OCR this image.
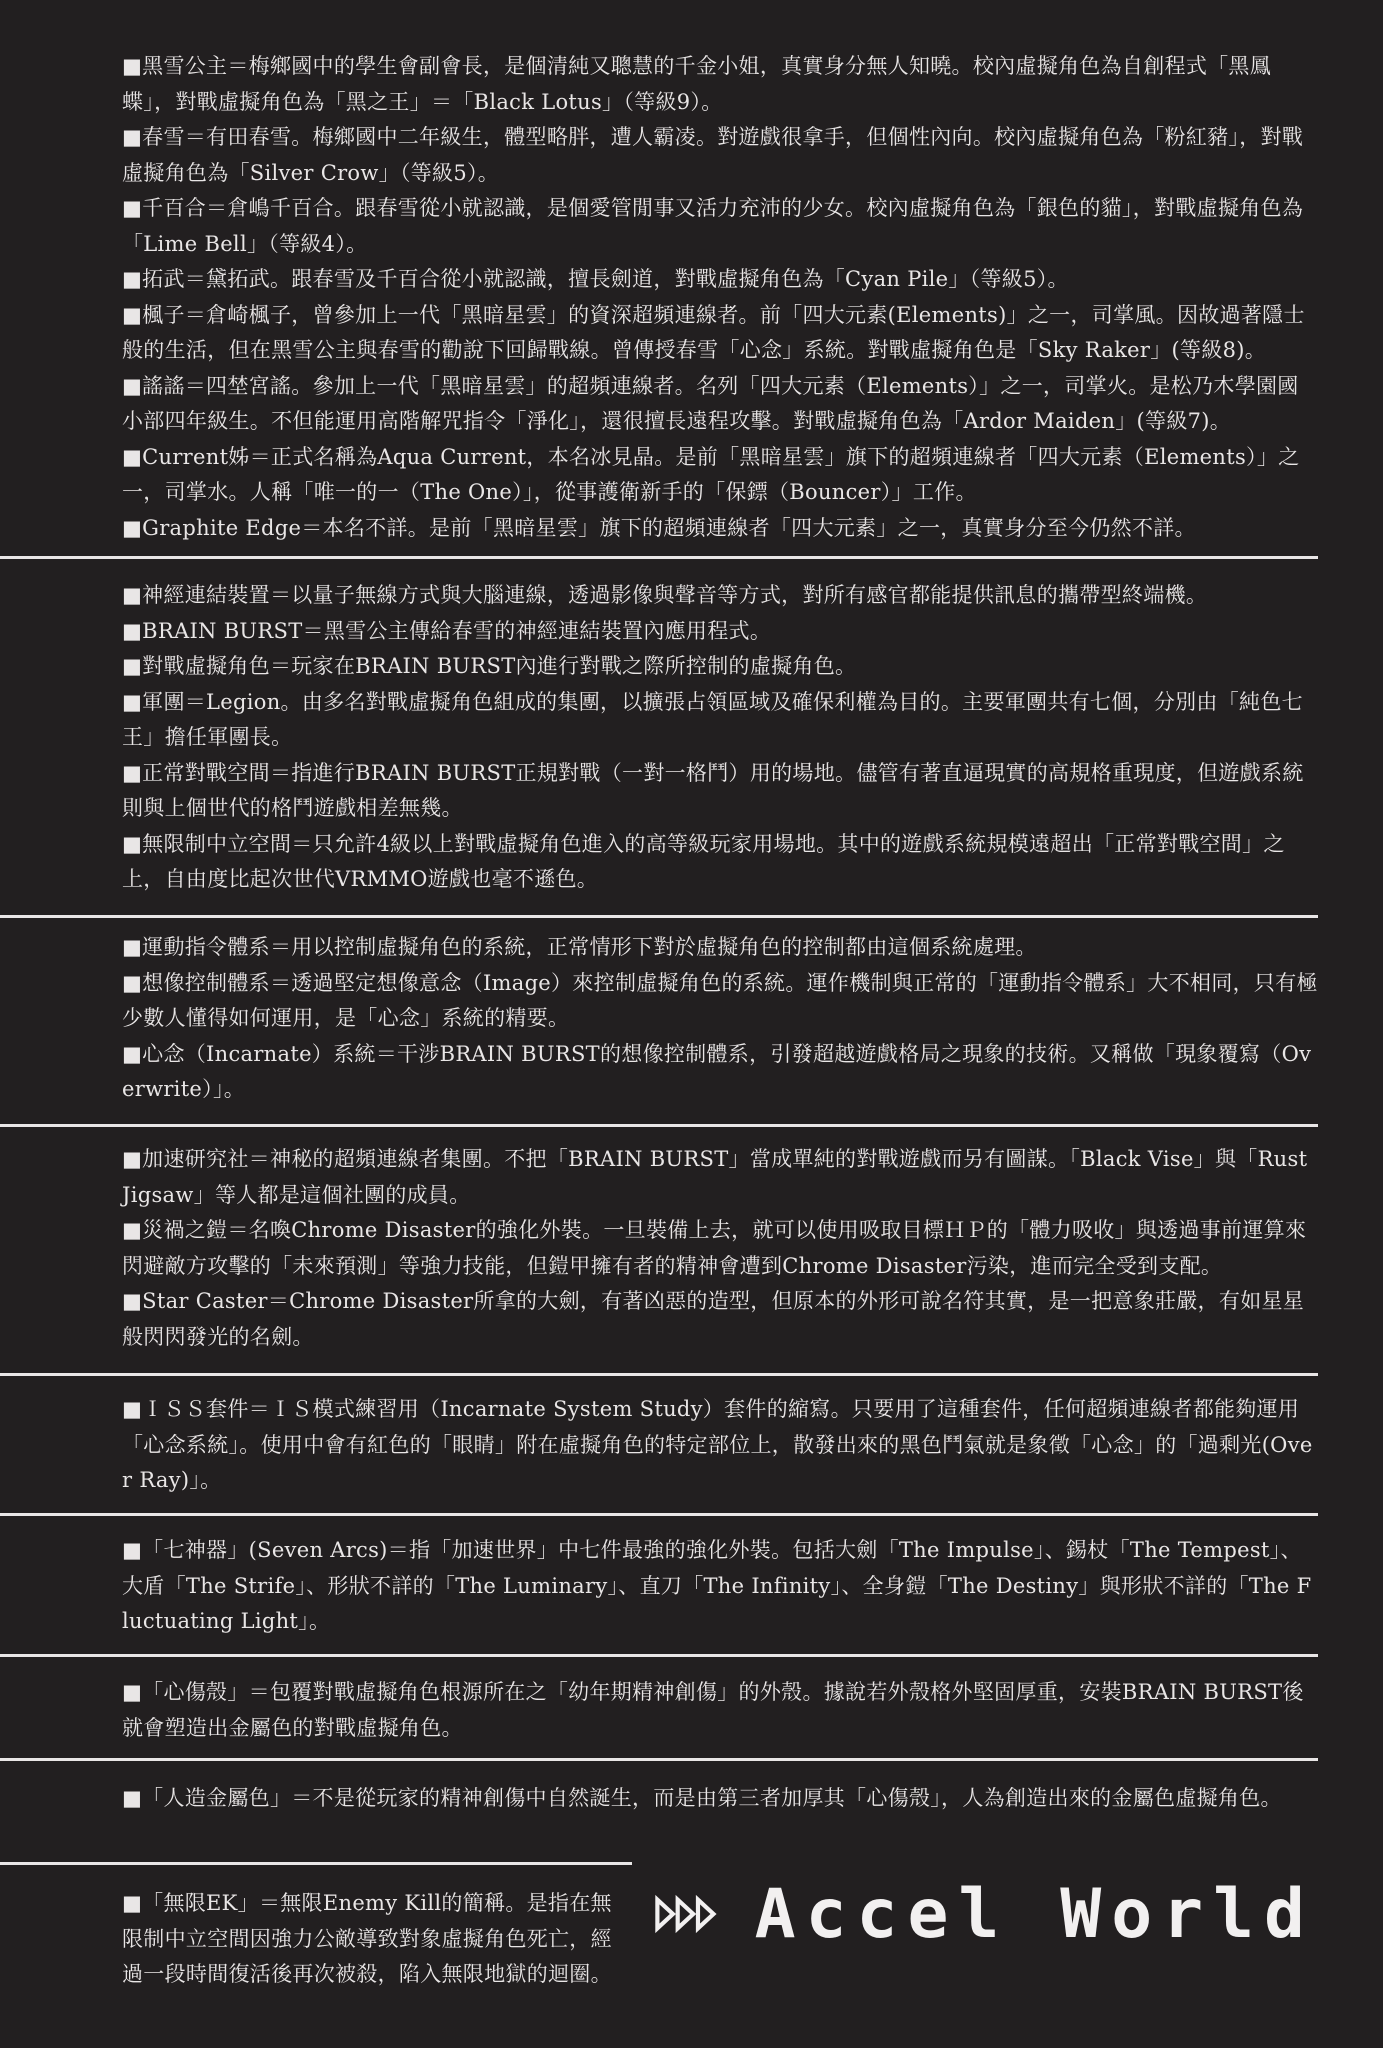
■黑雪公主＝梅鄉國中的學生會副會長，是個清純又聰慧的千金小姐，真實身分無人知曉。校內虛擬角色為自創程式「黑鳳蝶」，對戰虛擬角色為「黑之王」＝「Black Lotus」（等級9）。

■春雪＝有田春雪。梅鄉國中二年級生，體型略胖，遭人霸凌。對遊戲很拿手，但個性內向。校內虛擬角色為「粉紅豬」，對戰虛擬角色為「Silver Crow」（等級5）。

■千百合＝倉嶋千百合。跟春雪從小就認識，是個愛管閒事又活力充沛的少女。校內虛擬角色為「銀色的貓」，對戰虛擬角色為「Lime Bell」（等級4）。

■拓武＝黛拓武。跟春雪及千百合從小就認識，擅長劍道，對戰虛擬角色為「Cyan Pile」（等級5）。

■楓子＝倉崎楓子，曾參加上一代「黑暗星雲」的資深超頻連線者。前「四大元素(Elements)」之一，司掌風。因故過著隱士般的生活，但在黑雪公主與春雪的勸說下回歸戰線。曾傳授春雪「心念」系統。對戰虛擬角色是「Sky Raker」(等級8)。

■謠謠＝四埜宮謠。參加上一代「黑暗星雲」的超頻連線者。名列「四大元素（Elements）」之一，司掌火。是松乃木學園國小部四年級生。不但能運用高階解咒指令「淨化」，還很擅長遠程攻擊。對戰虛擬角色為「Ardor Maiden」(等級7)。

■Current姊＝正式名稱為Aqua Current，本名冰見晶。是前「黑暗星雲」旗下的超頻連線者「四大元素（Elements）」之一，司掌水。人稱「唯一的一（The One）」，從事護衛新手的「保鏢（Bouncer）」工作。

■Graphite Edge＝本名不詳。是前「黑暗星雲」旗下的超頻連線者「四大元素」之一，真實身分至今仍然不詳。

■神經連結裝置＝以量子無線方式與大腦連線，透過影像與聲音等方式，對所有感官都能提供訊息的攜帶型終端機。

■BRAIN BURST＝黑雪公主傳給春雪的神經連結裝置內應用程式。

■對戰虛擬角色＝玩家在BRAIN BURST內進行對戰之際所控制的虛擬角色。

■軍團＝Legion。由多名對戰虛擬角色組成的集團，以擴張占領區域及確保利權為目的。主要軍團共有七個，分別由「純色七王」擔任軍團長。

■正常對戰空間＝指進行BRAIN BURST正規對戰（一對一格鬥）用的場地。儘管有著直逼現實的高規格重現度，但遊戲系統則與上個世代的格鬥遊戲相差無幾。

■無限制中立空間＝只允許4級以上對戰虛擬角色進入的高等級玩家用場地。其中的遊戲系統規模遠超出「正常對戰空間」之上，自由度比起次世代VRMMO遊戲也毫不遜色。

■運動指令體系＝用以控制虛擬角色的系統，正常情形下對於虛擬角色的控制都由這個系統處理。

■想像控制體系＝透過堅定想像意念（Image）來控制虛擬角色的系統。運作機制與正常的「運動指令體系」大不相同，只有極少數人懂得如何運用，是「心念」系統的精要。

■心念（Incarnate）系統＝干涉BRAIN BURST的想像控制體系，引發超越遊戲格局之現象的技術。又稱做「現象覆寫（Overwrite）」。

■加速研究社＝神秘的超頻連線者集團。不把「BRAIN BURST」當成單純的對戰遊戲而另有圖謀。「Black Vise」與「Rust Jigsaw」等人都是這個社團的成員。

■災禍之鎧＝名喚Chrome Disaster的強化外裝。一旦裝備上去，就可以使用吸取目標ＨＰ的「體力吸收」與透過事前運算來閃避敵方攻擊的「未來預測」等強力技能，但鎧甲擁有者的精神會遭到Chrome Disaster污染，進而完全受到支配。

■Star Caster＝Chrome Disaster所拿的大劍，有著凶惡的造型，但原本的外形可說名符其實，是一把意象莊嚴，有如星星般閃閃發光的名劍。

■ＩＳＳ套件＝ＩＳ模式練習用（Incarnate System Study）套件的縮寫。只要用了這種套件，任何超頻連線者都能夠運用「心念系統」。使用中會有紅色的「眼睛」附在虛擬角色的特定部位上，散發出來的黑色鬥氣就是象徵「心念」的「過剩光(Over Ray)」。

■「七神器」(Seven Arcs)＝指「加速世界」中七件最強的強化外裝。包括大劍「The Impulse」、錫杖「The Tempest」、大盾「The Strife」、形狀不詳的「The Luminary」、直刀「The Infinity」、全身鎧「The Destiny」與形狀不詳的「The Fluctuating Light」。

■「心傷殼」＝包覆對戰虛擬角色根源所在之「幼年期精神創傷」的外殼。據說若外殼格外堅固厚重，安裝BRAIN BURST後就會塑造出金屬色的對戰虛擬角色。

■「人造金屬色」＝不是從玩家的精神創傷中自然誕生，而是由第三者加厚其「心傷殼」，人為創造出來的金屬色虛擬角色。

■「無限EK」＝無限Enemy Kill的簡稱。是指在無限制中立空間因強力公敵導致對象虛擬角色死亡，經過一段時間復活後再次被殺，陷入無限地獄的迴圈。

Accel World
